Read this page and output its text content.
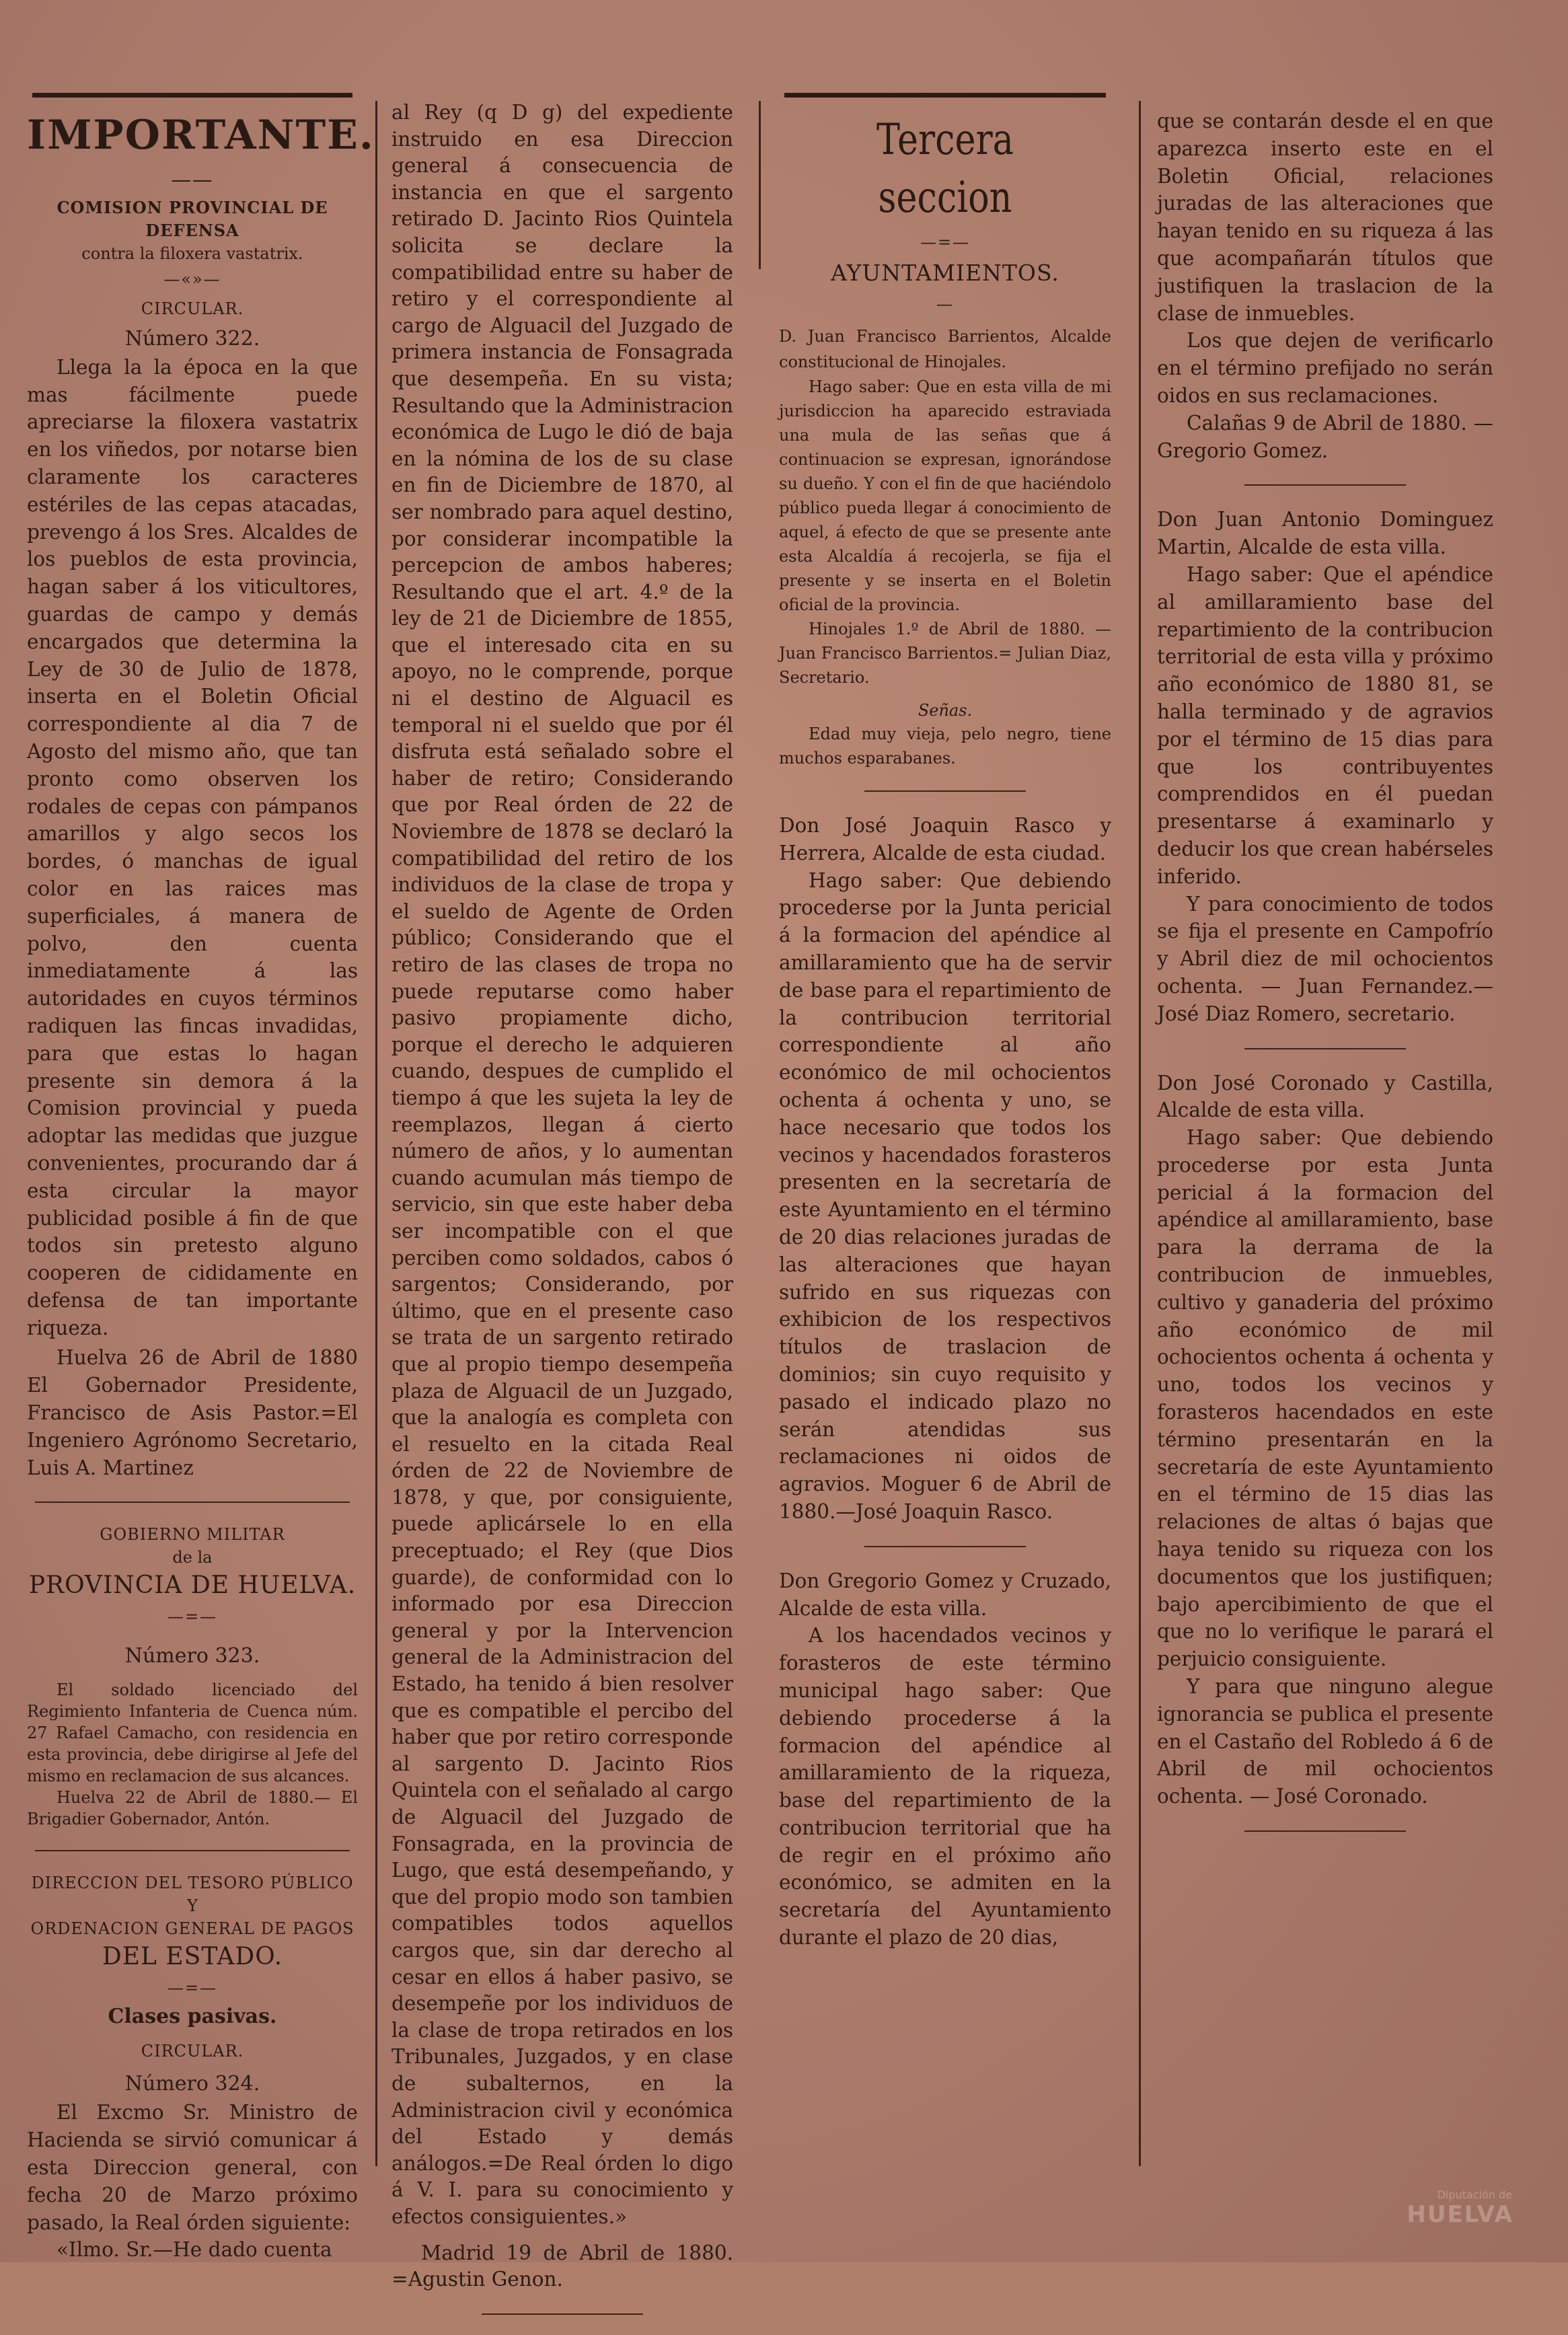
IMPORTANTE.
——
COMISION PROVINCIAL DE DEFENSA
contra la filoxera vastatrix.
—«»—
CIRCULAR.
Número 322.

Llega la la época en la que mas fácilmente puede apreciarse la filoxera vastatrix en los viñedos, por notarse bien claramente los caracteres estériles de las cepas atacadas, prevengo á los Sres. Alcaldes de los pueblos de esta provincia, hagan saber á los viticultores, guardas de campo y demás encargados que determina la Ley de 30 de Julio de 1878, inserta en el Boletin Oficial correspondiente al dia 7 de Agosto del mismo año, que tan pronto como observen los rodales de cepas con pámpanos amarillos y algo secos los bordes, ó manchas de igual color en las raices mas superficiales, á manera de polvo, den cuenta inmediatamente á las autoridades en cuyos términos radiquen las fincas invadidas, para que estas lo hagan presente sin demora á la Comision provincial y pueda adoptar las medidas que juzgue convenientes, procurando dar á esta circular la mayor publicidad posible á fin de que todos sin pretesto alguno cooperen de cididamente en defensa de tan importante riqueza.

Huelva 26 de Abril de 1880 El Gobernador Presidente, Francisco de Asis Pastor.=El Ingeniero Agrónomo Secretario, Luis A. Martinez

GOBIERNO MILITAR
de la
PROVINCIA DE HUELVA.
—=—
Número 323.

El soldado licenciado del Regimiento Infanteria de Cuenca núm. 27 Rafael Camacho, con residencia en esta provincia, debe dirigirse al Jefe del mismo en reclamacion de sus alcances.

Huelva 22 de Abril de 1880.— El Brigadier Gobernador, Antón.

DIRECCION DEL TESORO PÚBLICO
Y
ORDENACION GENERAL DE PAGOS
DEL ESTADO.
—=—
Clases pasivas.
CIRCULAR.
Número 324.

El Excmo Sr. Ministro de Hacienda se sirvió comunicar á esta Direccion general, con fecha 20 de Marzo próximo pasado, la Real órden siguiente:

«Ilmo. Sr.—He dado cuenta

al Rey (q D g) del expediente instruido en esa Direccion general á consecuencia de instancia en que el sargento retirado D. Jacinto Rios Quintela solicita se declare la compatibilidad entre su haber de retiro y el correspondiente al cargo de Alguacil del Juzgado de primera instancia de Fonsagrada que desempeña. En su vista; Resultando que la Administracion económica de Lugo le dió de baja en la nómina de los de su clase en fin de Diciembre de 1870, al ser nombrado para aquel destino, por considerar incompatible la percepcion de ambos haberes; Resultando que el art. 4.º de la ley de 21 de Diciembre de 1855, que el interesado cita en su apoyo, no le comprende, porque ni el destino de Alguacil es temporal ni el sueldo que por él disfruta está señalado sobre el haber de retiro; Considerando que por Real órden de 22 de Noviembre de 1878 se declaró la compatibilidad del retiro de los individuos de la clase de tropa y el sueldo de Agente de Orden público; Considerando que el retiro de las clases de tropa no puede reputarse como haber pasivo propiamente dicho, porque el derecho le adquieren cuando, despues de cumplido el tiempo á que les sujeta la ley de reemplazos, llegan á cierto número de años, y lo aumentan cuando acumulan más tiempo de servicio, sin que este haber deba ser incompatible con el que perciben como soldados, cabos ó sargentos; Considerando, por último, que en el presente caso se trata de un sargento retirado que al propio tiempo desempeña plaza de Alguacil de un Juzgado, que la analogía es completa con el resuelto en la citada Real órden de 22 de Noviembre de 1878, y que, por consiguiente, puede aplicársele lo en ella preceptuado; el Rey (que Dios guarde), de conformidad con lo informado por esa Direccion general y por la Intervencion general de la Administracion del Estado, ha tenido á bien resolver que es compatible el percibo del haber que por retiro corresponde al sargento D. Jacinto Rios Quintela con el señalado al cargo de Alguacil del Juzgado de Fonsagrada, en la provincia de Lugo, que está desempeñando, y que del propio modo son tambien compatibles todos aquellos cargos que, sin dar derecho al cesar en ellos á haber pasivo, se desempeñe por los individuos de la clase de tropa retirados en los Tribunales, Juzgados, y en clase de subalternos, en la Administracion civil y económica del Estado y demás análogos.=De Real órden lo digo á V. I. para su conocimiento y efectos consiguientes.»

Madrid 19 de Abril de 1880. =Agustin Genon.

Tercera seccion
—=—
AYUNTAMIENTOS.
—

D. Juan Francisco Barrientos, Alcalde constitucional de Hinojales.

Hago saber: Que en esta villa de mi jurisdiccion ha aparecido estraviada una mula de las señas que á continuacion se expresan, ignorándose su dueño. Y con el fin de que haciéndolo público pueda llegar á conocimiento de aquel, á efecto de que se presente ante esta Alcaldía á recojerla, se fija el presente y se inserta en el Boletin oficial de la provincia.

Hinojales 1.º de Abril de 1880. —Juan Francisco Barrientos.= Julian Diaz, Secretario.

Señas.

Edad muy vieja, pelo negro, tiene muchos esparabanes.

Don José Joaquin Rasco y Herrera, Alcalde de esta ciudad.

Hago saber: Que debiendo procederse por la Junta pericial á la formacion del apéndice al amillaramiento que ha de servir de base para el repartimiento de la contribucion territorial correspondiente al año económico de mil ochocientos ochenta á ochenta y uno, se hace necesario que todos los vecinos y hacendados forasteros presenten en la secretaría de este Ayuntamiento en el término de 20 dias relaciones juradas de las alteraciones que hayan sufrido en sus riquezas con exhibicion de los respectivos títulos de traslacion de dominios; sin cuyo requisito y pasado el indicado plazo no serán atendidas sus reclamaciones ni oidos de agravios. Moguer 6 de Abril de 1880.—José Joaquin Rasco.

Don Gregorio Gomez y Cruzado, Alcalde de esta villa.

A los hacendados vecinos y forasteros de este término municipal hago saber: Que debiendo procederse á la formacion del apéndice al amillaramiento de la riqueza, base del repartimiento de la contribucion territorial que ha de regir en el próximo año económico, se admiten en la secretaría del Ayuntamiento durante el plazo de 20 dias,

que se contarán desde el en que aparezca inserto este en el Boletin Oficial, relaciones juradas de las alteraciones que hayan tenido en su riqueza á las que acompañarán títulos que justifiquen la traslacion de la clase de inmuebles.

Los que dejen de verificarlo en el término prefijado no serán oidos en sus reclamaciones.

Calañas 9 de Abril de 1880. —Gregorio Gomez.

Don Juan Antonio Dominguez Martin, Alcalde de esta villa.

Hago saber: Que el apéndice al amillaramiento base del repartimiento de la contribucion territorial de esta villa y próximo año económico de 1880 81, se halla terminado y de agravios por el término de 15 dias para que los contribuyentes comprendidos en él puedan presentarse á examinarlo y deducir los que crean habérseles inferido.

Y para conocimiento de todos se fija el presente en Campofrío y Abril diez de mil ochocientos ochenta. — Juan Fernandez.—José Diaz Romero, secretario.

Don José Coronado y Castilla, Alcalde de esta villa.

Hago saber: Que debiendo procederse por esta Junta pericial á la formacion del apéndice al amillaramiento, base para la derrama de la contribucion de inmuebles, cultivo y ganaderia del próximo año económico de mil ochocientos ochenta á ochenta y uno, todos los vecinos y forasteros hacendados en este término presentarán en la secretaría de este Ayuntamiento en el término de 15 dias las relaciones de altas ó bajas que haya tenido su riqueza con los documentos que los justifiquen; bajo apercibimiento de que el que no lo verifique le parará el perjuicio consiguiente.

Y para que ninguno alegue ignorancia se publica el presente en el Castaño del Robledo á 6 de Abril de mil ochocientos ochenta. — José Coronado.

Diputación de
HUELVA
